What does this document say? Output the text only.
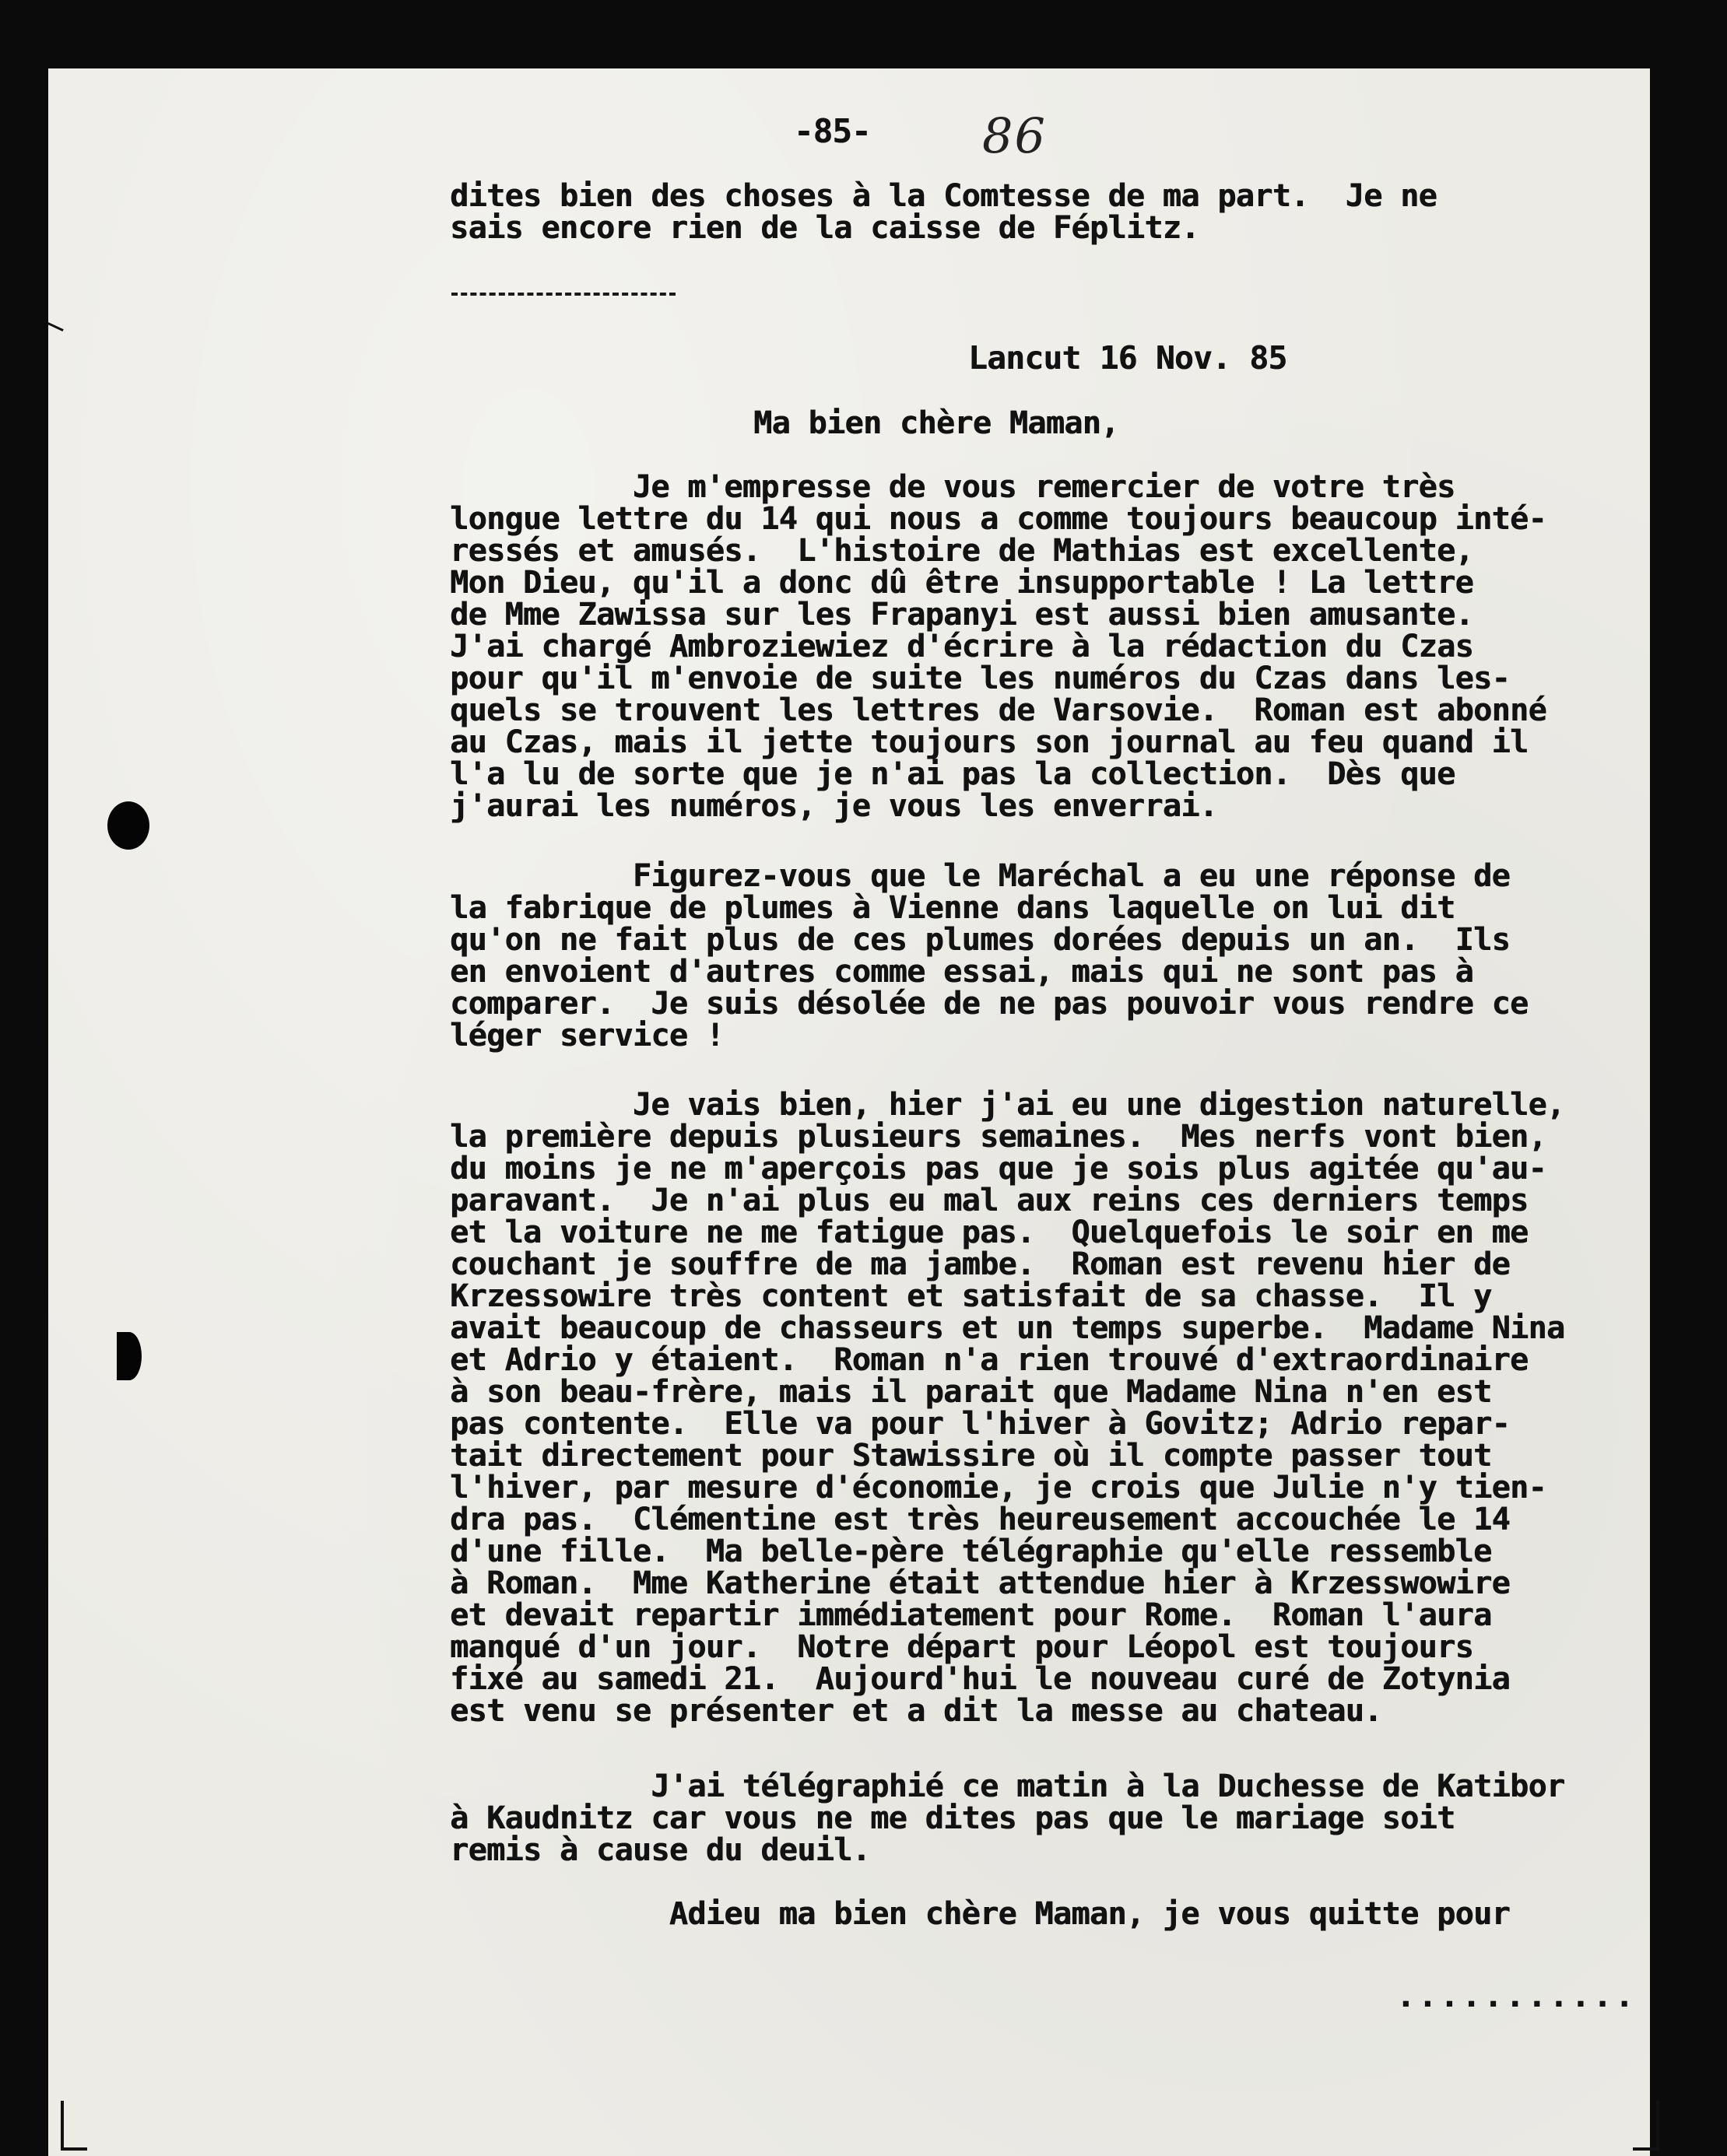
-85- 86
dites bien des choses à la Comtesse de ma part.  Je ne
sais encore rien de la caisse de Féplitz.
Lancut 16 Nov. 85
Ma bien chère Maman,
Je m'empresse de vous remercier de votre très
longue lettre du 14 qui nous a comme toujours beaucoup inté-
ressés et amusés.  L'histoire de Mathias est excellente,
Mon Dieu, qu'il a donc dû être insupportable ! La lettre
de Mme Zawissa sur les Frapanyi est aussi bien amusante.
J'ai chargé Ambroziewiez d'écrire à la rédaction du Czas
pour qu'il m'envoie de suite les numéros du Czas dans les-
quels se trouvent les lettres de Varsovie.  Roman est abonné
au Czas, mais il jette toujours son journal au feu quand il
l'a lu de sorte que je n'ai pas la collection.  Dès que
j'aurai les numéros, je vous les enverrai.
Figurez-vous que le Maréchal a eu une réponse de
la fabrique de plumes à Vienne dans laquelle on lui dit
qu'on ne fait plus de ces plumes dorées depuis un an.  Ils
en envoient d'autres comme essai, mais qui ne sont pas à
comparer.  Je suis désolée de ne pas pouvoir vous rendre ce
léger service !
Je vais bien, hier j'ai eu une digestion naturelle,
la première depuis plusieurs semaines.  Mes nerfs vont bien,
du moins je ne m'aperçois pas que je sois plus agitée qu'au-
paravant.  Je n'ai plus eu mal aux reins ces derniers temps
et la voiture ne me fatigue pas.  Quelquefois le soir en me
couchant je souffre de ma jambe.  Roman est revenu hier de
Krzessowire très content et satisfait de sa chasse.  Il y
avait beaucoup de chasseurs et un temps superbe.  Madame Nina
et Adrio y étaient.  Roman n'a rien trouvé d'extraordinaire
à son beau-frère, mais il parait que Madame Nina n'en est
pas contente.  Elle va pour l'hiver à Govitz; Adrio repar-
tait directement pour Stawissire où il compte passer tout
l'hiver, par mesure d'économie, je crois que Julie n'y tien-
dra pas.  Clémentine est très heureusement accouchée le 14
d'une fille.  Ma belle-père télégraphie qu'elle ressemble
à Roman.  Mme Katherine était attendue hier à Krzesswowire
et devait repartir immédiatement pour Rome.  Roman l'aura
manqué d'un jour.  Notre départ pour Léopol est toujours
fixé au samedi 21.  Aujourd'hui le nouveau curé de Zotynia
est venu se présenter et a dit la messe au chateau.
J'ai télégraphié ce matin à la Duchesse de Katibor
à Kaudnitz car vous ne me dites pas que le mariage soit
remis à cause du deuil.
Adieu ma bien chère Maman, je vous quitte pour
...........
